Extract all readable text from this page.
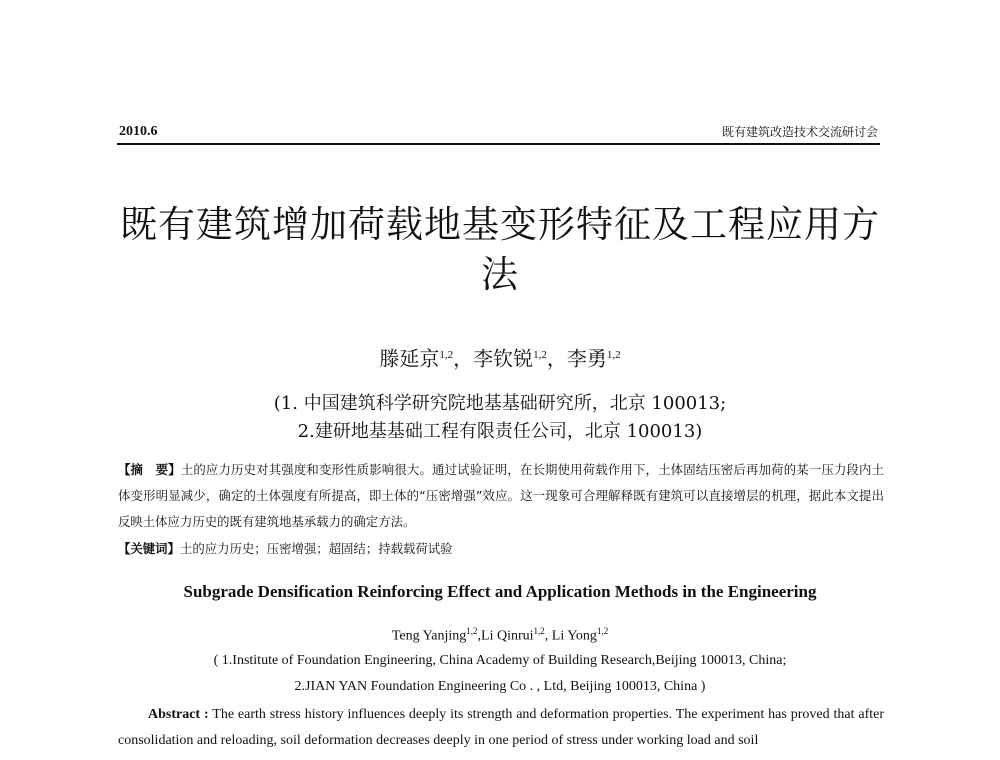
2010.6	既有建筑改造技术交流研讨会
既有建筑增加荷载地基变形特征及工程应用方
法
滕延京$^{1,2}$，李钦锐$^{1,2}$，李勇$^{1,2}$
(1. 中国建筑科学研究院地基基础研究所，北京 100013;
2.建研地基基础工程有限责任公司，北京 100013)
【摘　要】土的应力历史对其强度和变形性质影响很大。通过试验证明，在长期使用荷载作用下，土体固结压密后再加荷的某一压力段内土体变形明显减少，确定的土体强度有所提高，即土体的“压密增强”效应。这一现象可合理解释既有建筑可以直接增层的机理，据此本文提出反映土体应力历史的既有建筑地基承载力的确定方法。
【关键词】土的应力历史；压密增强；超固结；持载载荷试验
Subgrade Densification Reinforcing Effect and Application Methods in the Engineering
Teng Yanjing$^{1,2}$,Li Qinrui$^{1,2}$, Li Yong$^{1,2}$
( 1.Institute of Foundation Engineering, China Academy of Building Research,Beijing 100013, China;
2.JIAN YAN Foundation Engineering Co . , Ltd, Beijing 100013, China )
Abstract : The earth stress history influences deeply its strength and deformation properties. The experiment has proved that after consolidation and reloading, soil deformation decreases deeply in one period of stress under working load and soil
